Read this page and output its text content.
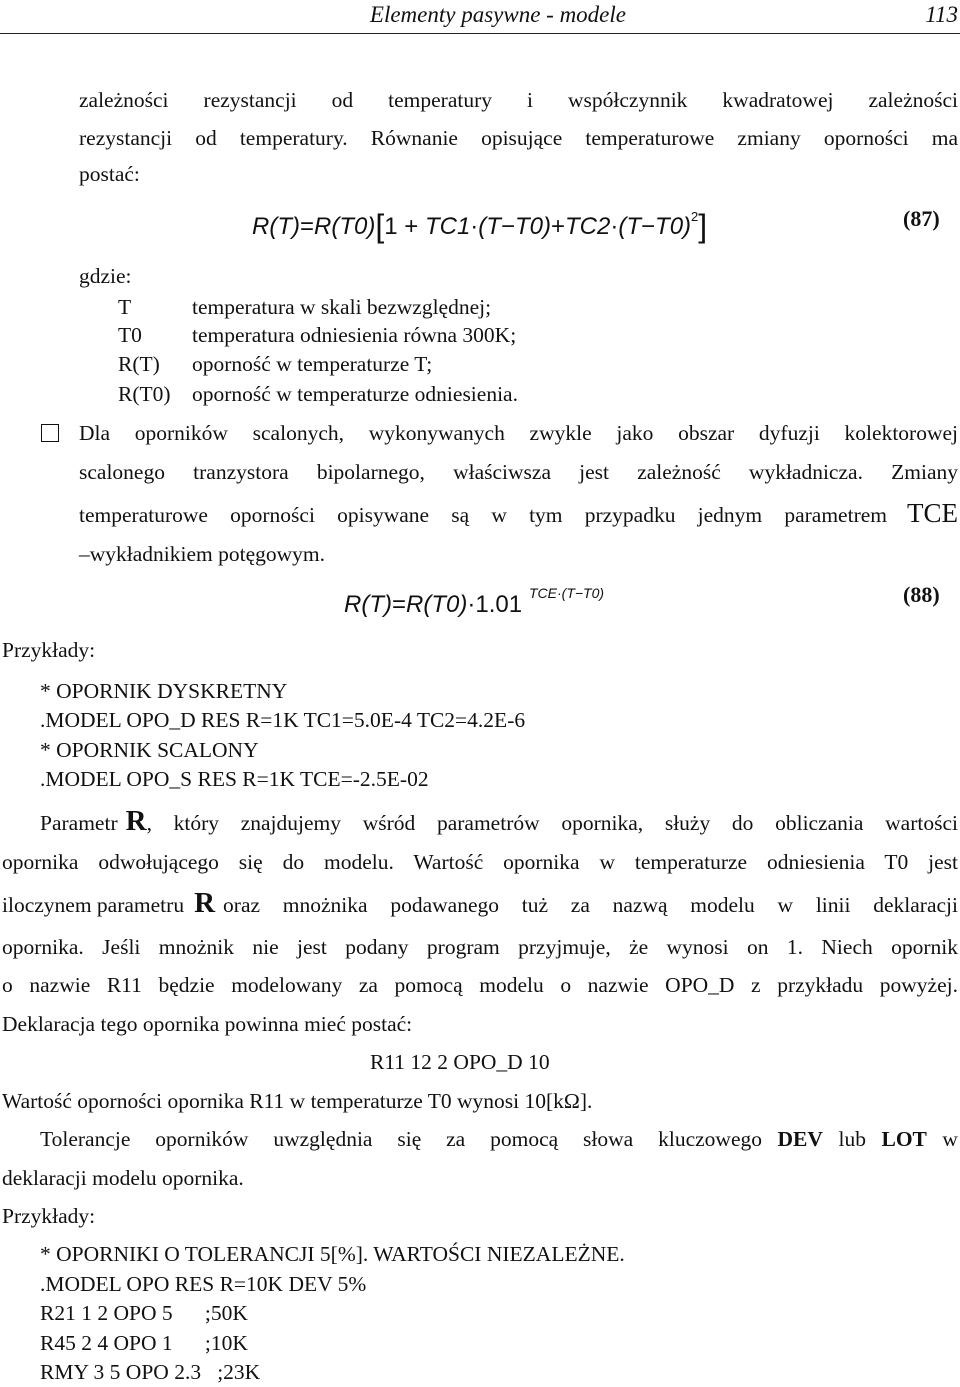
Elementy pasywne - modele	113
zależności rezystancji od temperatury i współczynnik kwadratowej zależności
rezystancji od temperatury. Równanie opisujące temperaturowe zmiany oporności ma
postać:
$R(T)=R(T0)[1 + TC1\cdot(T-T0)+TC2\cdot(T-T0)^2]$	(87)
gdzie:
T	temperatura w skali bezwzględnej;
T0 temperatura odniesienia równa 300K;
R(T) oporność w temperaturze T;
R(T0) oporność w temperaturze odniesienia.
Dla oporników scalonych, wykonywanych zwykle jako obszar dyfuzji kolektorowej
scalonego tranzystora bipolarnego, właściwsza jest zależność wykładnicza. Zmiany
temperaturowe oporności opisywane są w tym przypadku jednym parametrem TCE
–wykładnikiem potęgowym.
R(T)=R(T0)·1.01 TCE·(T−T0)	(88)
Przykłady:
* OPORNIK DYSKRETNY
.MODEL OPO_D RES R=1K TC1=5.0E-4 TC2=4.2E-6
* OPORNIK SCALONY
.MODEL OPO_S RES R=1K TCE=-2.5E-02
Parametr R , który znajdujemy wśród parametrów opornika, służy do obliczania wartości
opornika odwołującego się do modelu. Wartość opornika w temperaturze odniesienia T0 jest
iloczynem parametru R oraz mnożnika podawanego tuż za nazwą modelu w linii deklaracji
opornika. Jeśli mnożnik nie jest podany program przyjmuje, że wynosi on 1. Niech opornik
o nazwie R11 będzie modelowany za pomocą modelu o nazwie OPO_D z przykładu powyżej.
Deklaracja tego opornika powinna mieć postać:
R11 12 2 OPO_D 10
Wartość oporności opornika R11 w temperaturze T0 wynosi 10[kΩ].
Tolerancje oporników uwzględnia się za pomocą słowa kluczowego DEV lub LOT w
deklaracji modelu opornika.
Przykłady:
* OPORNIKI O TOLERANCJI 5[%]. WARTOŚCI NIEZALEŻNE.
.MODEL OPO RES R=10K DEV 5%
R21 1 2 OPO 5      ;50K
R45 2 4 OPO 1      ;10K
RMY 3 5 OPO 2.3   ;23K
